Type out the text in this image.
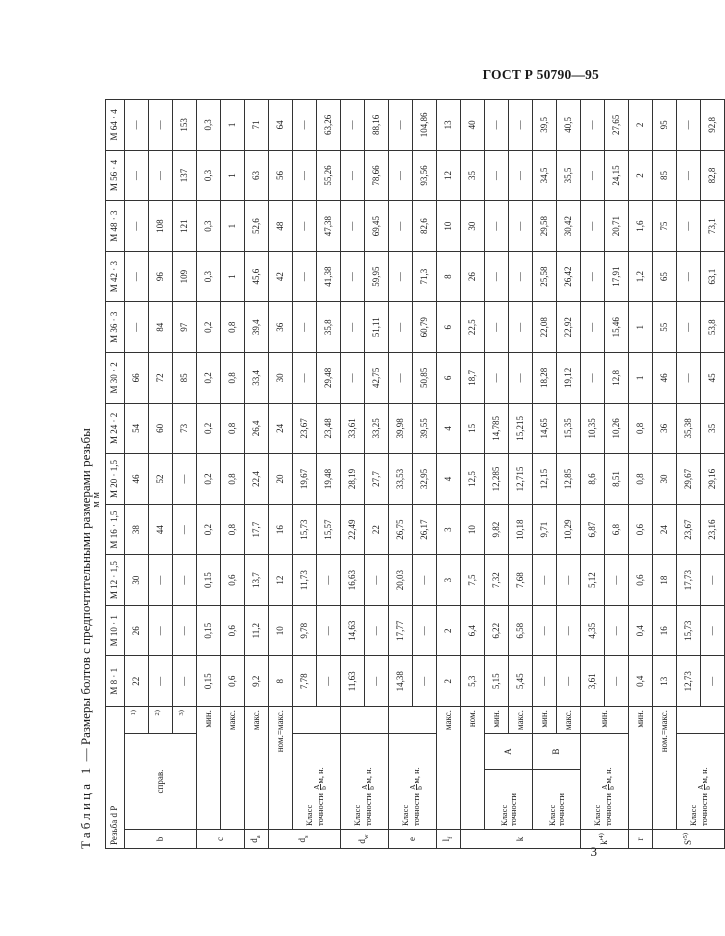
ГОСТ Р 50790—95
3
Таблица 1 — Размеры болтов с предпочтительными размерами резьбы
мм
Резьба d P				М 8 · 1	М 10 · 1	М 12 · 1,5	М 16 · 1,5	М 20 · 1,5	М 24 · 2	М 30 · 2	М 36 · 3	М 42 · 3	М 48 · 3	М 56 · 4	М 64 · 4
b	справ.		$^{1)}$	22	26	30	38	46	54	66	—	—	—	—	—
			$^{2)}$	—	—	—	44	52	60	72	84	96	108	—	—
			$^{3)}$	—	—	—	—	—	73	85	97	109	121	137	153
c	мин.			0,15	0,15	0,15	0,2	0,2	0,2	0,2	0,2	0,3	0,3	0,3	0,3
	макс.			0,6	0,6	0,6	0,8	0,8	0,8	0,8	0,8	1	1	1	1
$d_a$	макс.			9,2	11,2	13,7	17,7	22,4	26,4	33,4	39,4	45,6	52,6	63	71
$d_s$	ном.=макс.			8	10	12	16	20	24	30	36	42	48	56	64
	Класс
точности
A
b
м, н.			7,78	9,78	11,73	15,73	19,67	23,67	—	—	—	—	—	—
				—	—	—	15,57	19,48	23,48	29,48	35,8	41,38	47,38	55,26	63,26
$d_w$	Класс
точности
A
b
м, н.			11,63	14,63	16,63	22,49	28,19	33,61	—	—	—	—	—	—
				—	—	—	22	27,7	33,25	42,75	51,11	59,95	69,45	78,66	88,16
e	Класс
точности
A
b
м, н.			14,38	17,77	20,03	26,75	33,53	39,98	—	—	—	—	—	—
				—	—	—	26,17	32,95	39,55	50,85	60,79	71,3	82,6	93,56	104,86
$l_f$	макс.			2	2	3	3	4	4	6	6	8	10	12	13
k	ном.			5,3	6,4	7,5	10	12,5	15	18,7	22,5	26	30	35	40
	Класс
точности	A	мин.	5,15	6,22	7,32	9,82	12,285	14,785	—	—	—	—	—	—
			макс.	5,45	6,58	7,68	10,18	12,715	15,215	—	—	—	—	—	—
	Класс
точности	B	мин.	—	—	—	9,71	12,15	14,65	18,28	22,08	25,58	29,58	34,5	39,5
			макс.	—	—	—	10,29	12,85	15,35	19,12	22,92	26,42	30,42	35,5	40,5
$k'^{4)}$	Класс
точности
A
b
м, н.		мин.	3,61	4,35	5,12	6,87	8,6	10,35	—	—	—	—	—	—
				—	—	—	6,8	8,51	10,26	12,8	15,46	17,91	20,71	24,15	27,65
r	мин.			0,4	0,4	0,6	0,6	0,8	0,8	1	1	1,2	1,6	2	2
$S'^{5)}$	ном.=макс.			13	16	18	24	30	36	46	55	65	75	85	95
	Класс
точности
A
b
м, н.			12,73	15,73	17,73	23,67	29,67	35,38	—	—	—	—	—	—
				—	—	—	23,16	29,16	35	45	53,8	63,1	73,1	82,8	92,8
